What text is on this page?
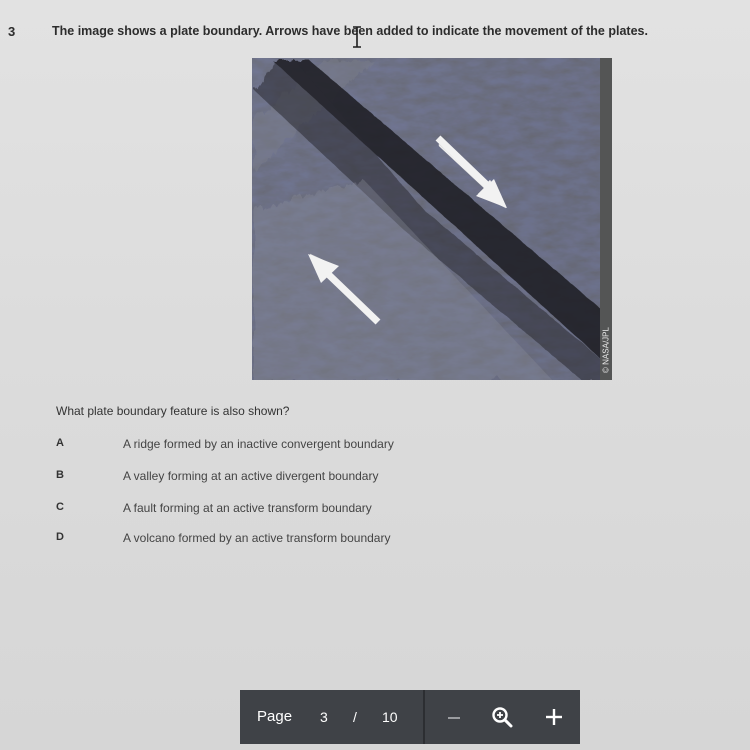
3	The image shows a plate boundary. Arrows have been added to indicate the movement of the plates.
© NASA/JPL
What plate boundary feature is also shown?
A	A ridge formed by an inactive convergent boundary
B	A valley forming at an active divergent boundary
C	A fault forming at an active transform boundary
D	A volcano formed by an active transform boundary
Page 3 / 10
